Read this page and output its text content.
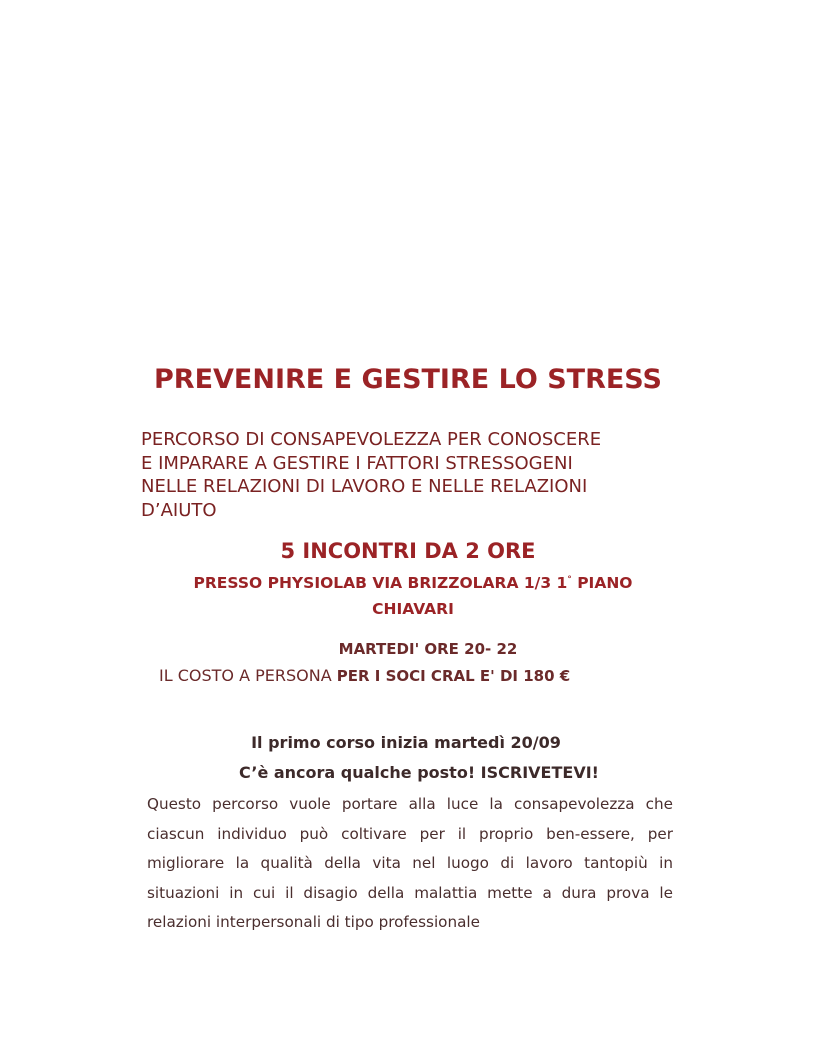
PREVENIRE E GESTIRE LO STRESS
PERCORSO DI CONSAPEVOLEZZA PER CONOSCERE
E IMPARARE A GESTIRE I FATTORI STRESSOGENI
NELLE RELAZIONI DI LAVORO E NELLE RELAZIONI
D’AIUTO
5 INCONTRI DA 2 ORE
PRESSO PHYSIOLAB VIA BRIZZOLARA 1/3 1° PIANO
CHIAVARI
MARTEDI' ORE 20- 22
IL COSTO A PERSONA PER I SOCI CRAL E' DI 180 €
Il primo corso inizia martedì 20/09
C’è ancora qualche posto! ISCRIVETEVI!
Questo percorso vuole portare alla luce la consapevolezza che
ciascun individuo può coltivare per il proprio ben-essere, per
migliorare la qualità della vita nel luogo di lavoro tantopiù in
situazioni in cui il disagio della malattia mette a dura prova le
relazioni interpersonali di tipo professionale
